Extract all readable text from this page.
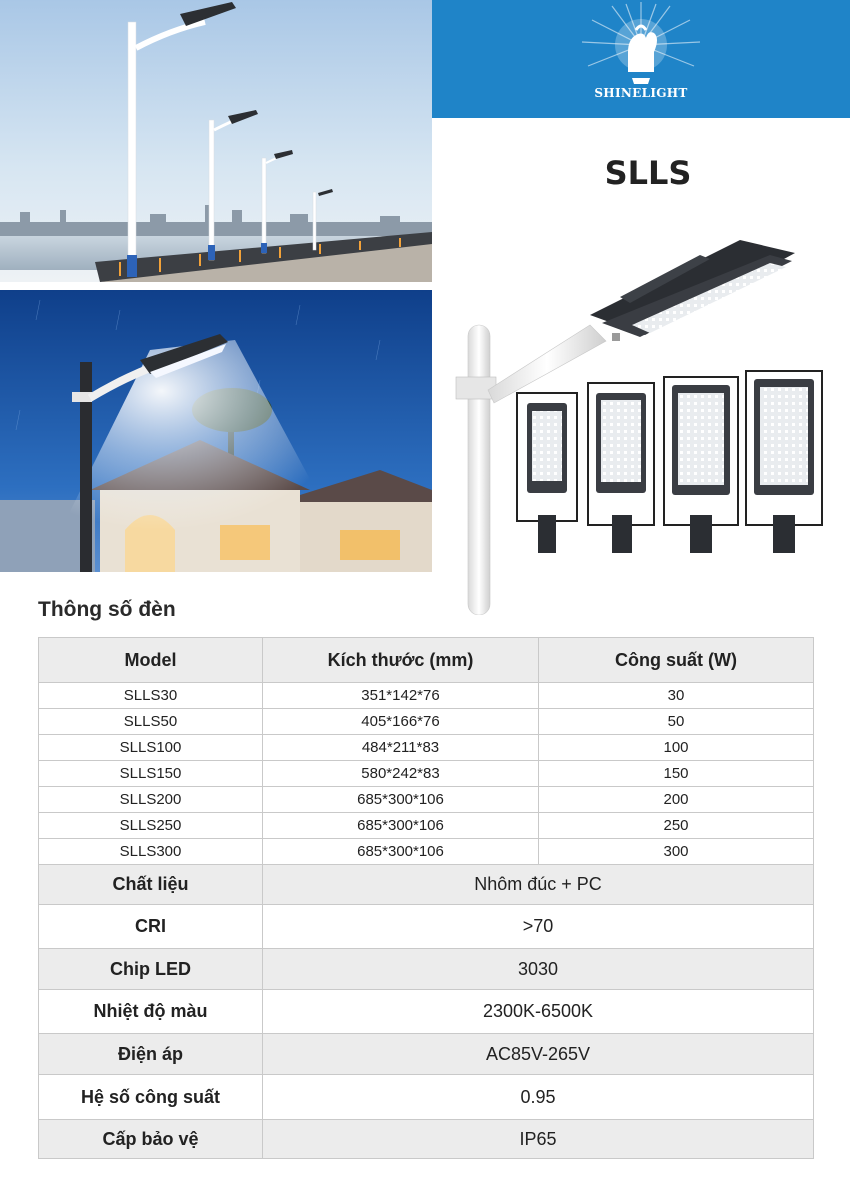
SHINELIGHT
SLLS
Thông số đèn
Model	Kích thước (mm)	Công suất (W)
SLLS30	351*142*76	30
SLLS50	405*166*76	50
SLLS100	484*211*83	100
SLLS150	580*242*83	150
SLLS200	685*300*106	200
SLLS250	685*300*106	250
SLLS300	685*300*106	300
Chất liệu	Nhôm đúc + PC	
CRI	>70	
Chip LED	3030	
Nhiệt độ màu	2300K-6500K	
Điện áp	AC85V-265V	
Hệ số công suất	0.95	
Cấp bảo vệ	IP65	
